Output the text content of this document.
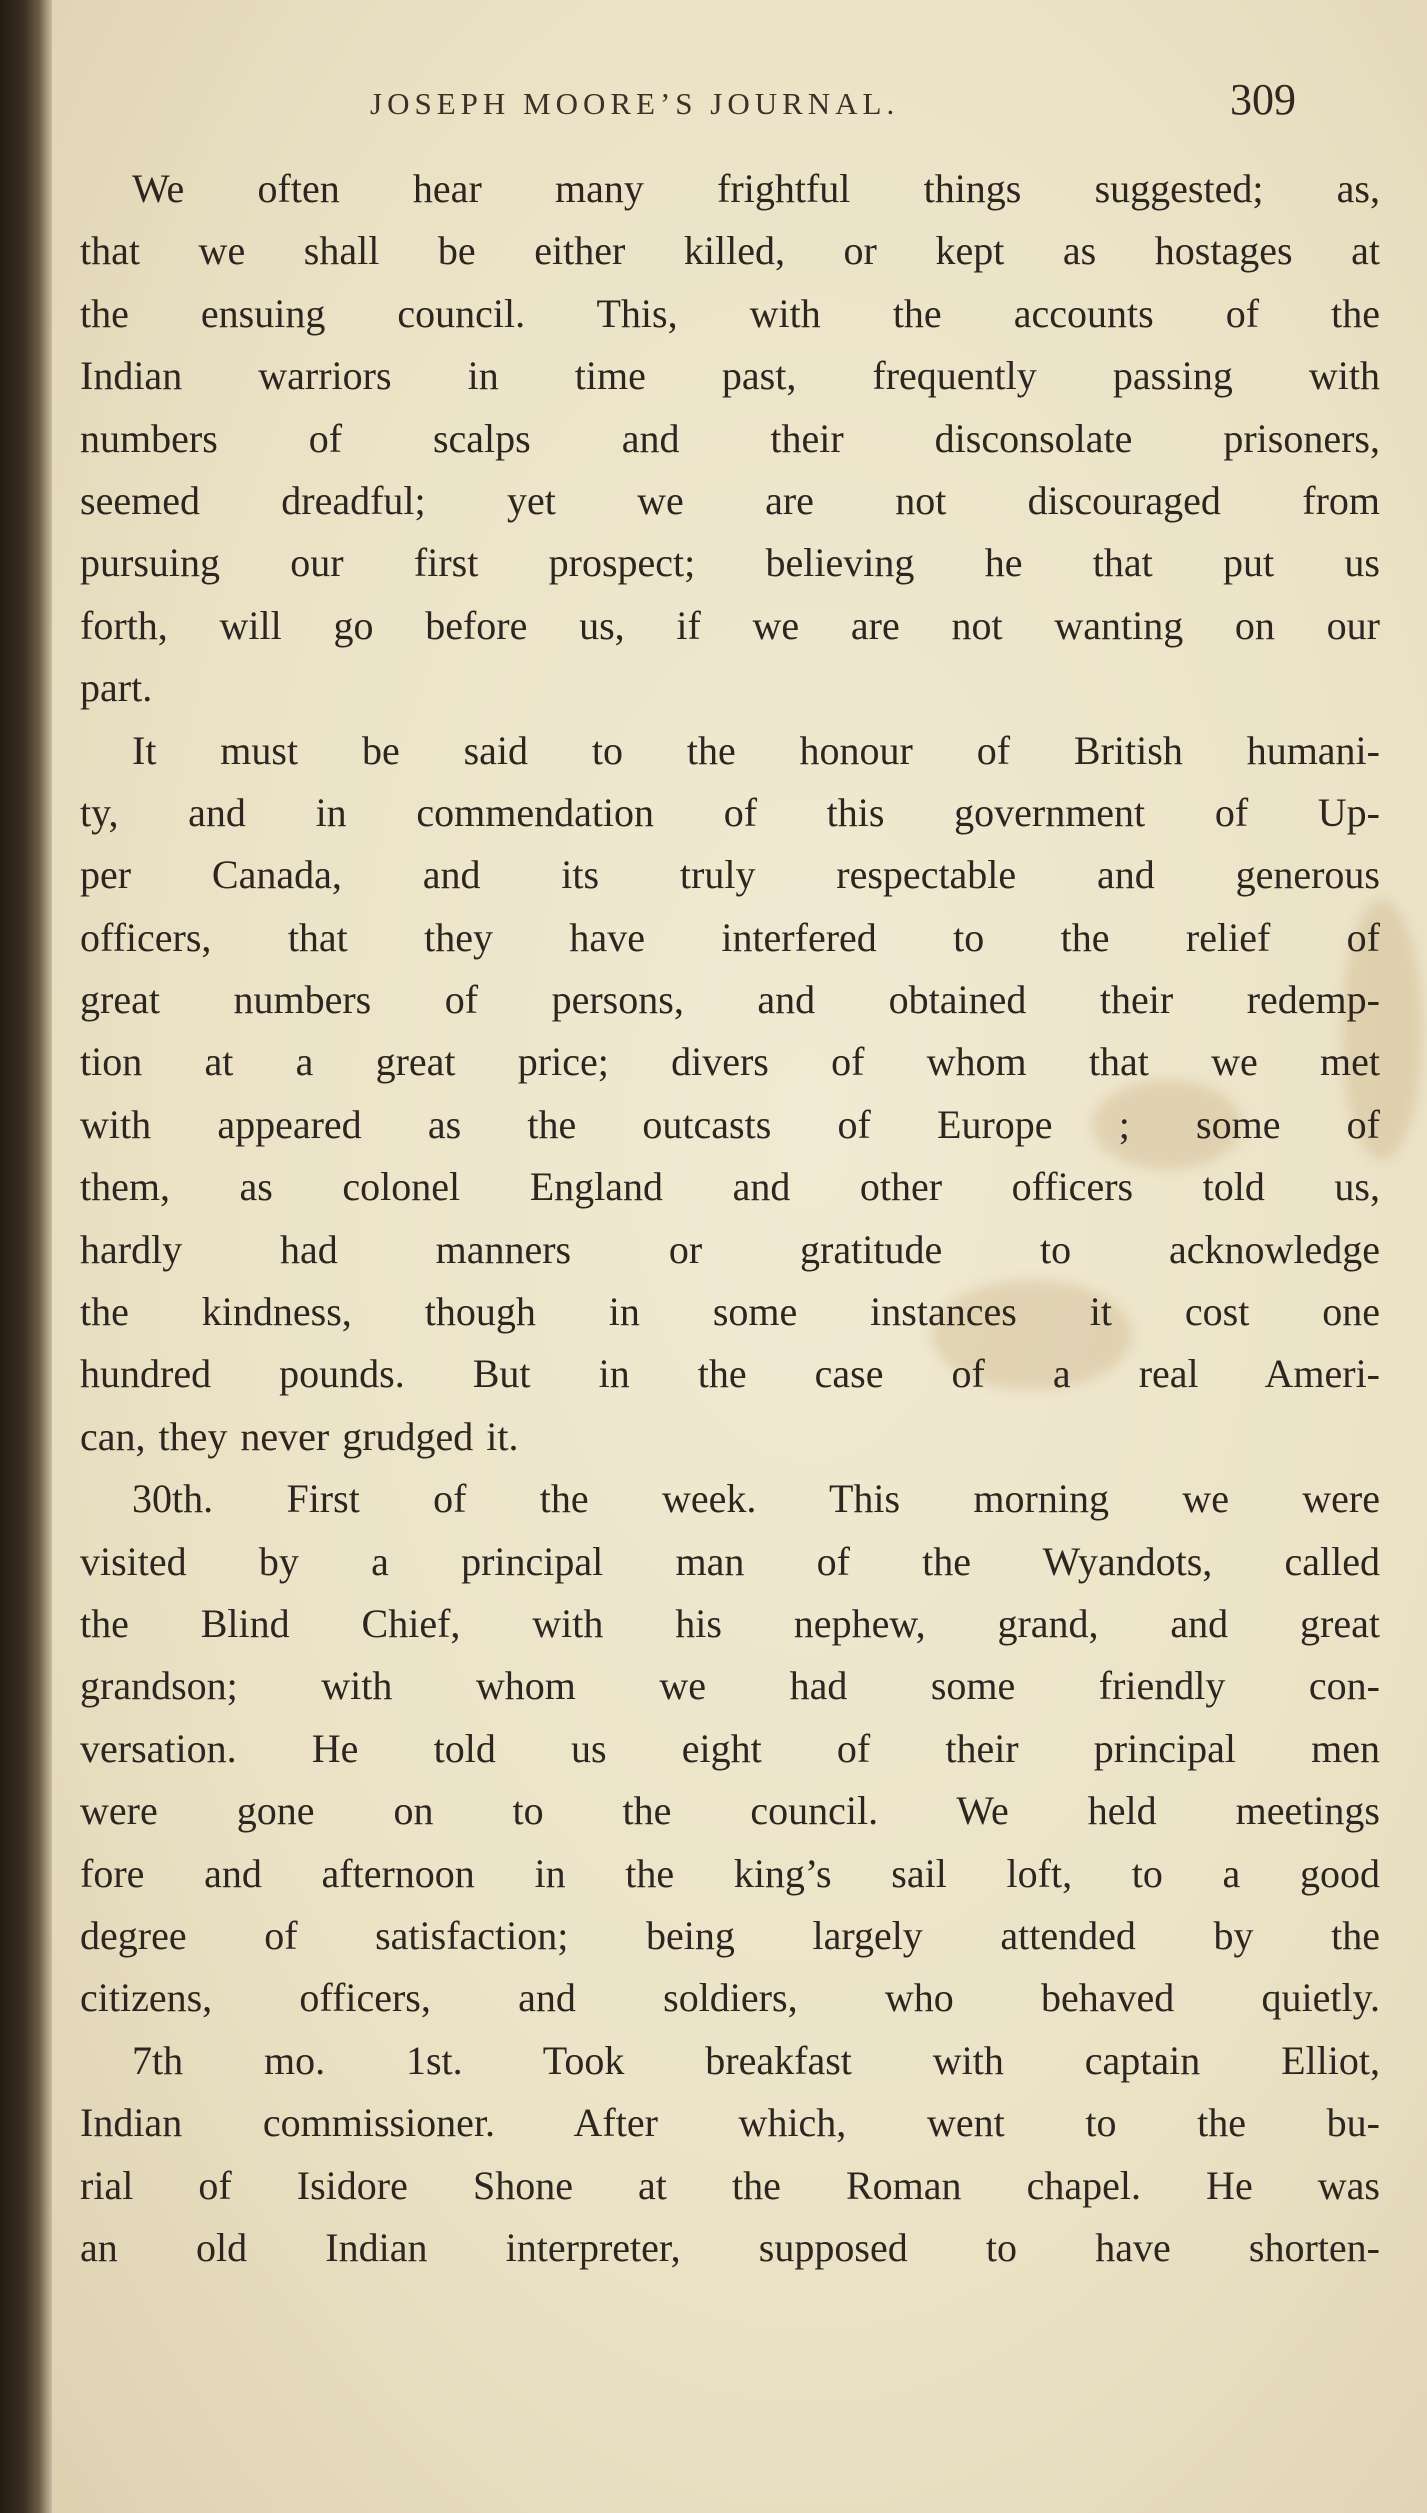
JOSEPH MOORE’S JOURNAL.	309
We often hear many frightful things suggested; as,
that we shall be either killed, or kept as hostages at
the ensuing council. This, with the accounts of the
Indian warriors in time past, frequently passing with
numbers of scalps and their disconsolate prisoners,
seemed dreadful; yet we are not discouraged from
pursuing our first prospect; believing he that put us
forth, will go before us, if we are not wanting on our
part.
It must be said to the honour of British humani-
ty, and in commendation of this government of Up-
per Canada, and its truly respectable and generous
officers, that they have interfered to the relief of
great numbers of persons, and obtained their redemp-
tion at a great price; divers of whom that we met
with appeared as the outcasts of Europe ; some of
them, as colonel England and other officers told us,
hardly had manners or gratitude to acknowledge
the kindness, though in some instances it cost one
hundred pounds. But in the case of a real Ameri-
can, they never grudged it.
30th. First of the week. This morning we were
visited by a principal man of the Wyandots, called
the Blind Chief, with his nephew, grand, and great
grandson; with whom we had some friendly con-
versation. He told us eight of their principal men
were gone on to the council. We held meetings
fore and afternoon in the king’s sail loft, to a good
degree of satisfaction; being largely attended by the
citizens, officers, and soldiers, who behaved quietly.
7th mo. 1st. Took breakfast with captain Elliot,
Indian commissioner. After which, went to the bu-
rial of Isidore Shone at the Roman chapel. He was
an old Indian interpreter, supposed to have shorten-
